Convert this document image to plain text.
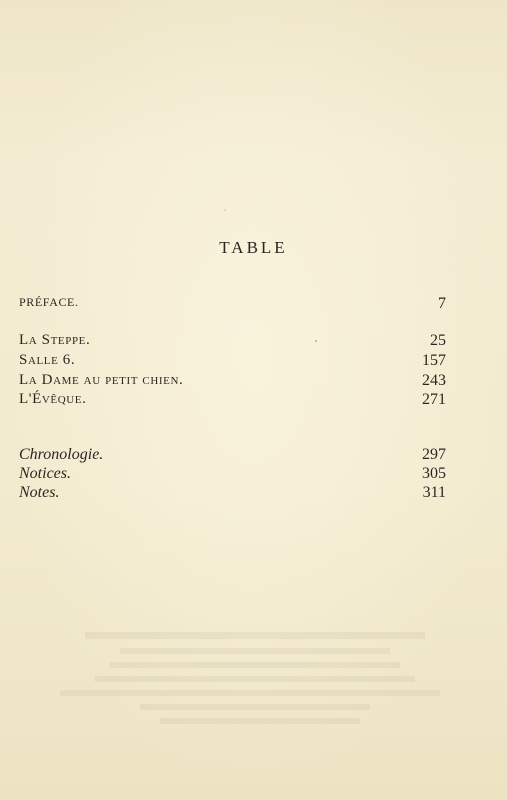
TABLE
PRÉFACE.	7
La Steppe.	25
Salle 6.	157
La Dame au petit chien.	243
L'Évêque.	271
Chronologie.	297
Notices.	305
Notes.	311
